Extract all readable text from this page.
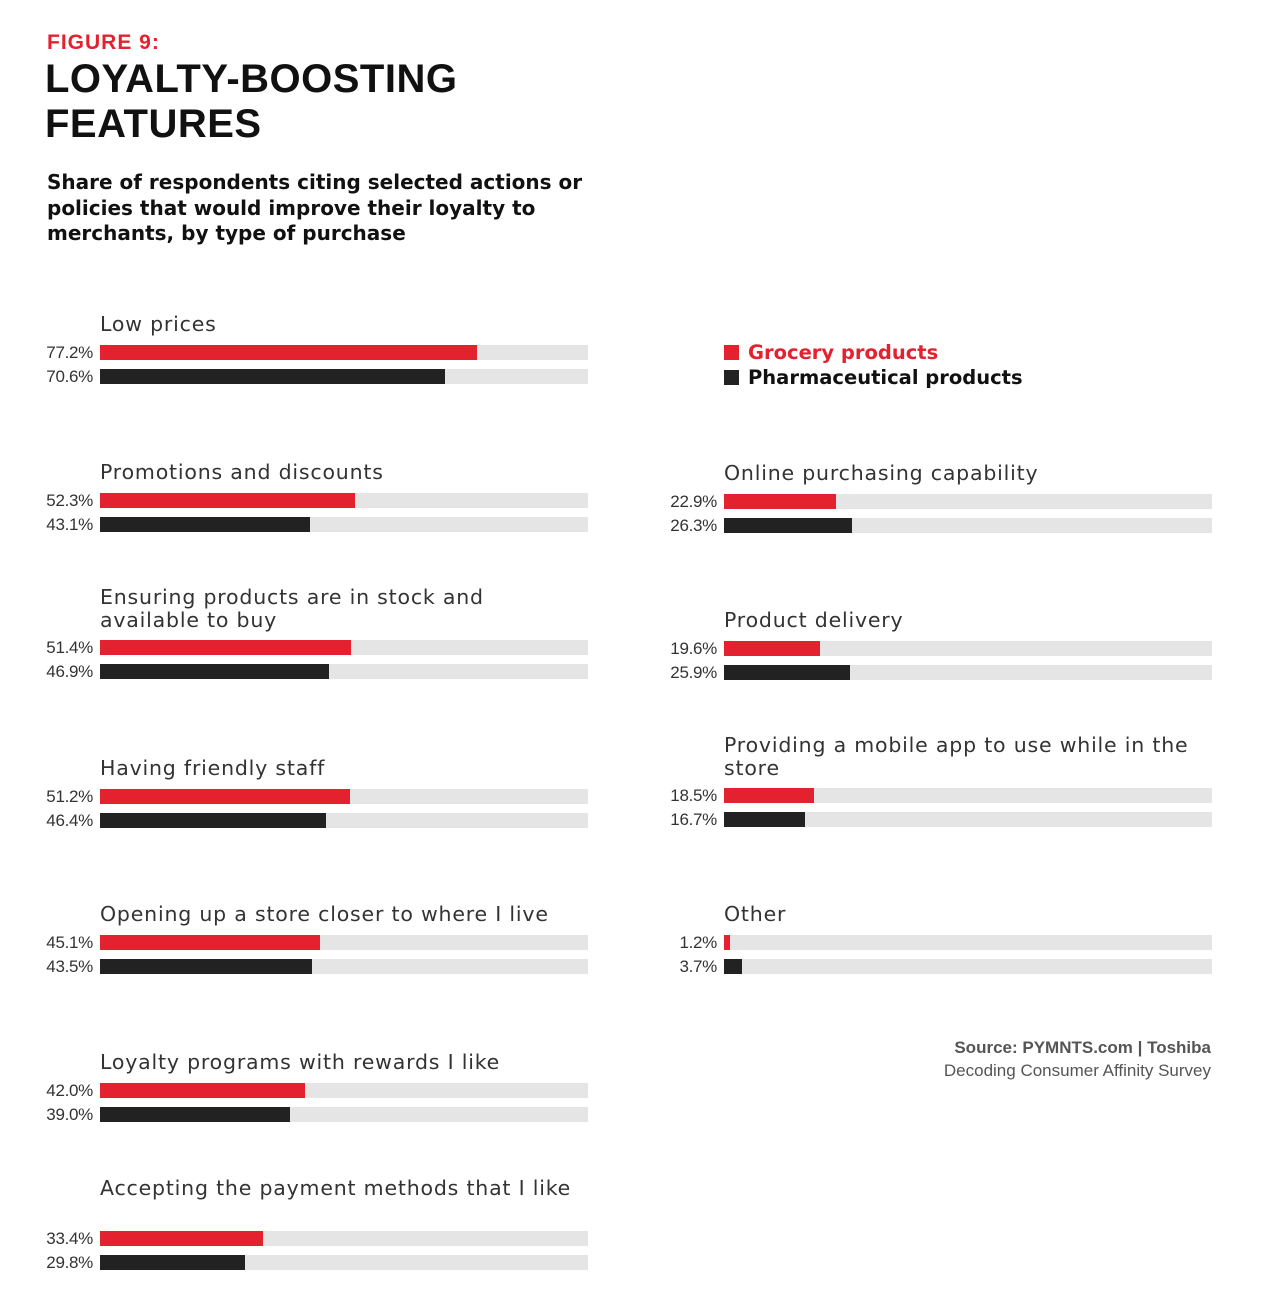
FIGURE 9:
LOYALTY-BOOSTING FEATURES
Share of respondents citing selected actions or policies that would improve their loyalty to merchants, by type of purchase
Grocery products
Pharmaceutical products
Low prices
77.2%
70.6%
Promotions and discounts
52.3%
43.1%
Ensuring products are in stock and available to buy
51.4%
46.9%
Having friendly staff
51.2%
46.4%
Opening up a store closer to where I live
45.1%
43.5%
Loyalty programs with rewards I like
42.0%
39.0%
Accepting the payment methods that I like
33.4%
29.8%
Online purchasing capability
22.9%
26.3%
Product delivery
19.6%
25.9%
Providing a mobile app to use while in the store
18.5%
16.7%
Other
1.2%
3.7%
Source: PYMNTS.com | Toshiba
Decoding Consumer Affinity Survey
